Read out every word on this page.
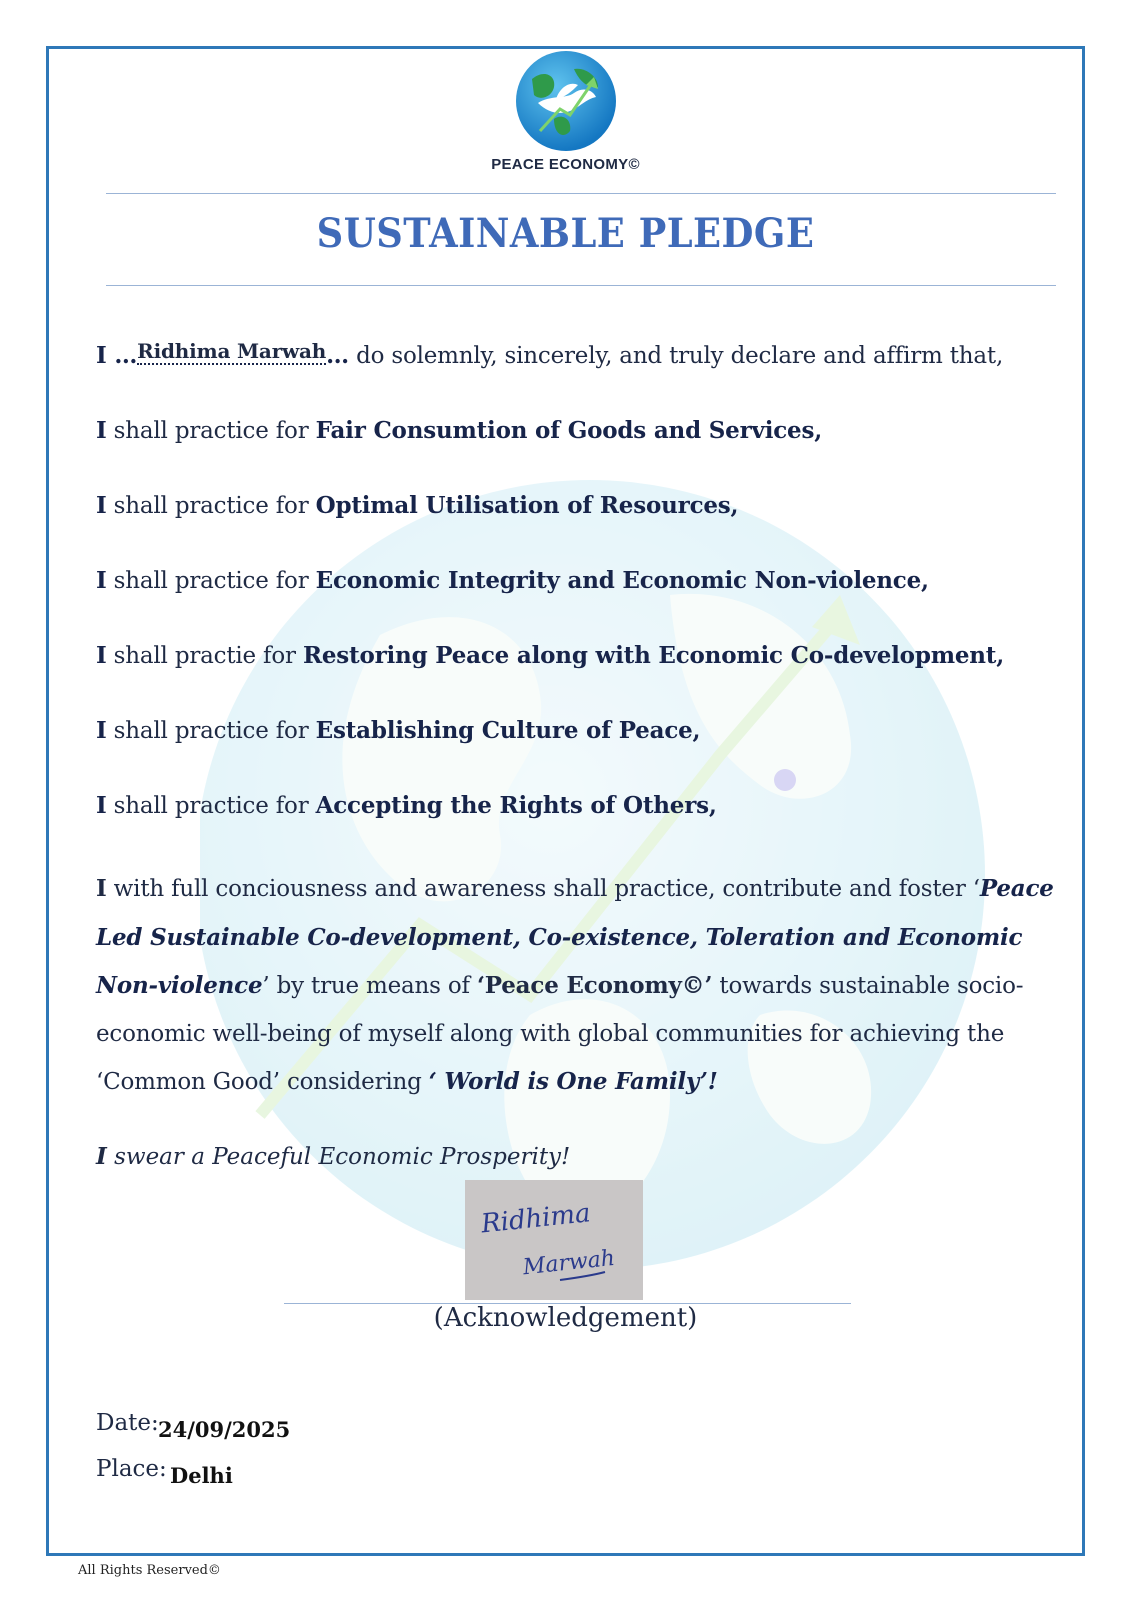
PEACE ECONOMY©
SUSTAINABLE PLEDGE
I …Ridhima Marwah… do solemnly, sincerely, and truly declare and affirm that,
I shall practice for Fair Consumtion of Goods and Services,
I shall practice for Optimal Utilisation of Resources,
I shall practice for Economic Integrity and Economic Non-violence,
I shall practie for Restoring Peace along with Economic Co-development,
I shall practice for Establishing Culture of Peace,
I shall practice for Accepting the Rights of Others,
I with full conciousness and awareness shall practice, contribute and foster ‘Peace Led Sustainable Co-development, Co-existence, Toleration and Economic Non-violence’ by true means of ‘Peace Economy©’ towards sustainable socio-economic well-being of myself along with global communities for achieving the ‘Common Good’ considering ‘ World is One Family’!
I swear a Peaceful Economic Prosperity!
Ridhima
Marwah
(Acknowledgement)
Date: 24/09/2025
Place: Delhi
All Rights Reserved©
